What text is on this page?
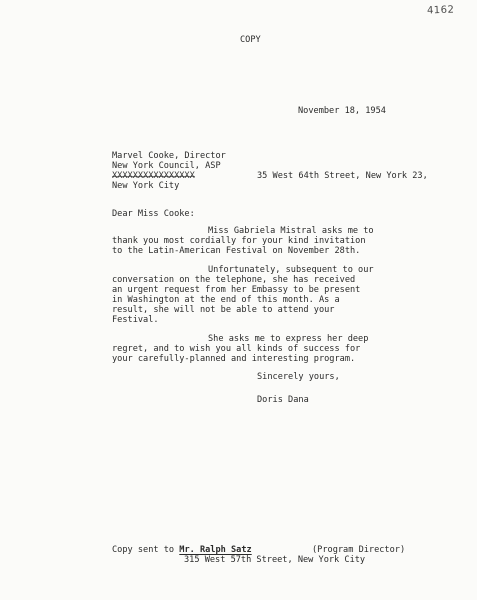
4162
COPY
November 18, 1954
Marvel Cooke, Director
New York Council, ASP
XXXXXXXXXXXXXXXX	35 West 64th Street, New York 23,
New York City
Dear Miss Cooke:
Miss Gabriela Mistral asks me to
thank you most cordially for your kind invitation
to the Latin-American Festival on November 28th.
Unfortunately, subsequent to our
conversation on the telephone, she has received
an urgent request from her Embassy to be present
in Washington at the end of this month. As a
result, she will not be able to attend your
Festival.
She asks me to express her deep
regret, and to wish you all kinds of success for
your carefully-planned and interesting program.
Sincerely yours,
Doris Dana
Copy sent to Mr. Ralph Satz	(Program Director)
315 West 57th Street, New York City
